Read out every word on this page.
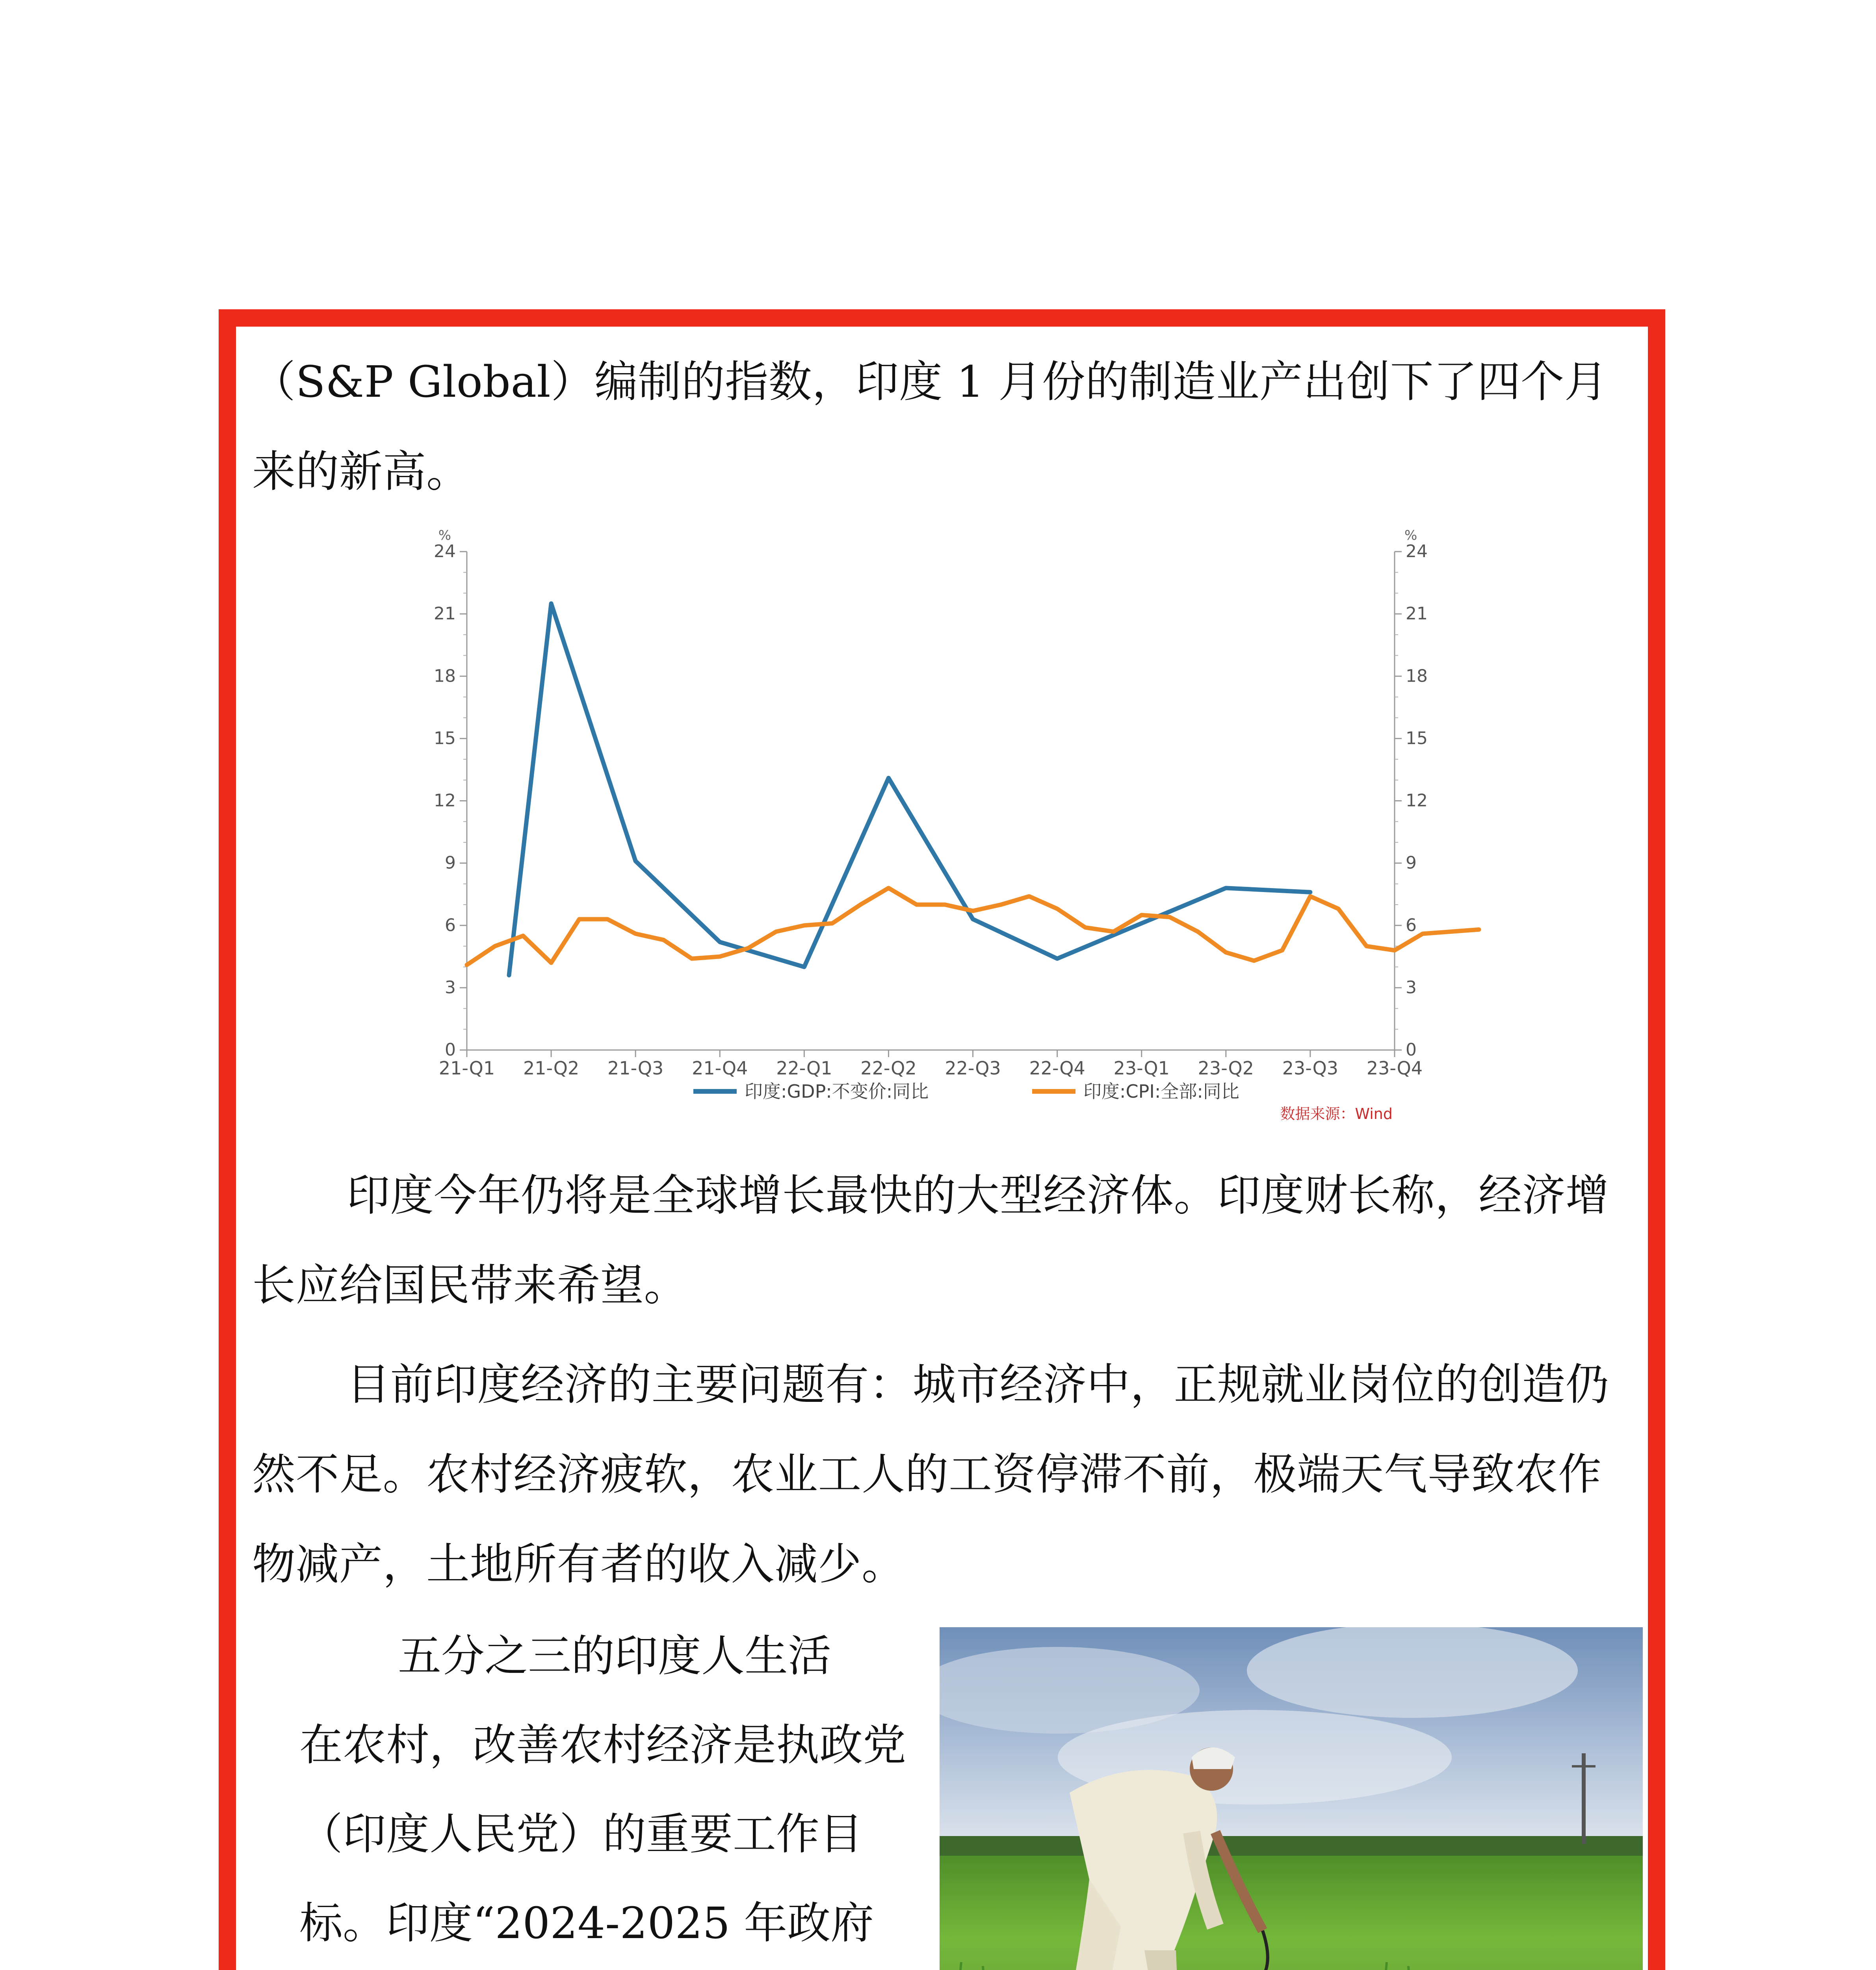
（S&P Global）编制的指数，印度 1 月份的制造业产出创下了四个月来的新高。

0	0
3	3
6	6
9	9
12	12
15	15
18	18
21	21
24	24
%	%
21-Q1 21-Q2 21-Q3 21-Q4 22-Q1 22-Q2 22-Q3 22-Q4 23-Q1 23-Q2 23-Q3 23-Q4
印度:GDP:不变价:同比	印度:CPI:全部:同比
数据来源：Wind

印度今年仍将是全球增长最快的大型经济体。印度财长称，经济增长应给国民带来希望。

目前印度经济的主要问题有：城市经济中，正规就业岗位的创造仍然不足。农村经济疲软，农业工人的工资停滞不前，极端天气导致农作物减产，土地所有者的收入减少。

五分之三的印度人生活
在农村，改善农村经济是执政党（印度人民党）的重要工作目标。印度“2024-2025 年政府
